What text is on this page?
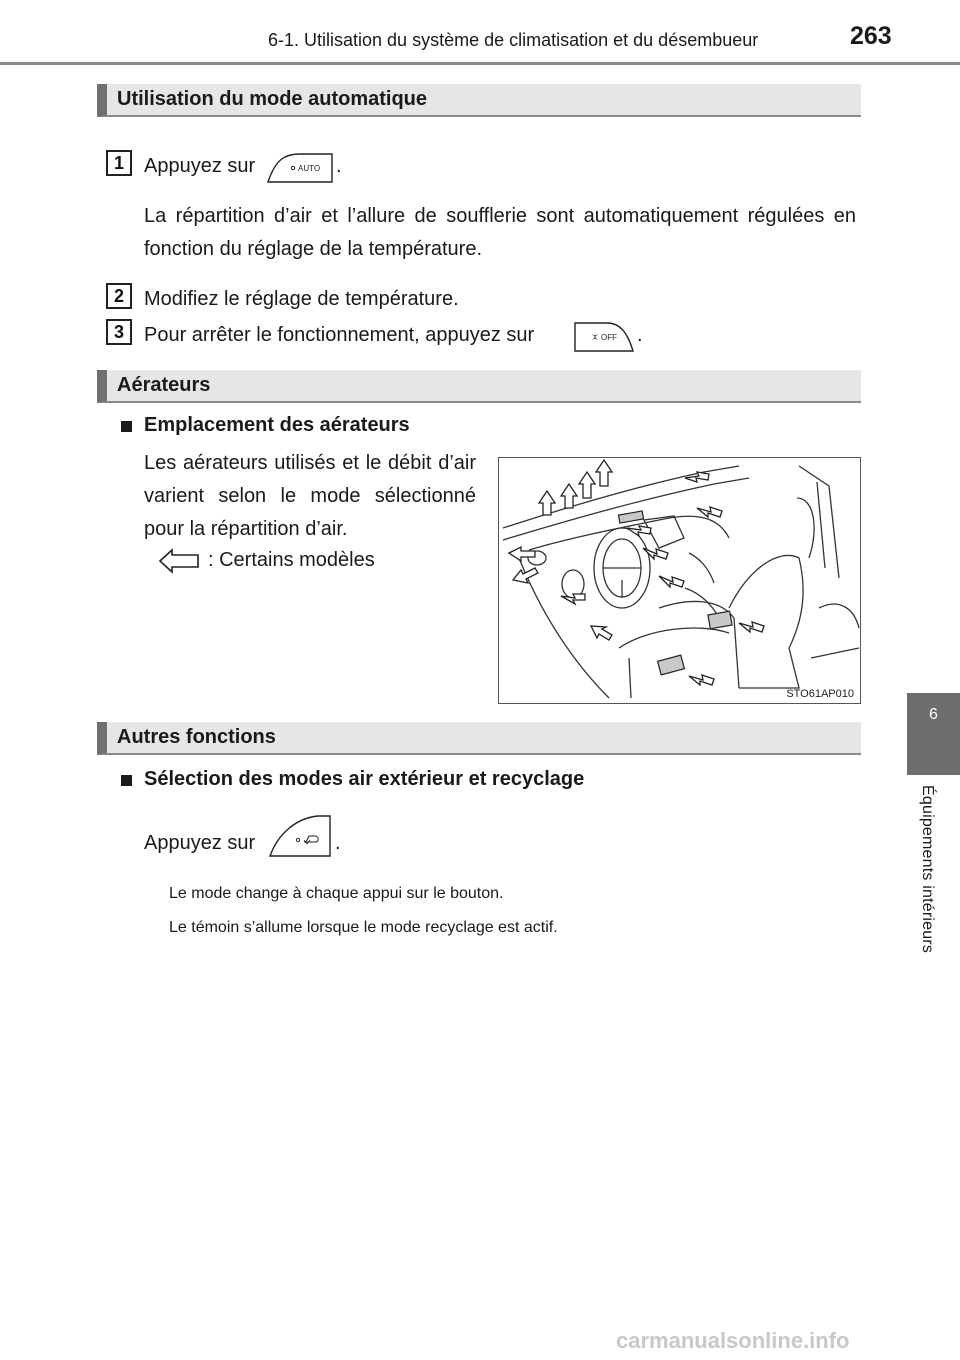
6-1. Utilisation du système de climatisation et du désembueur	263
6
Équipements intérieurs
Utilisation du mode automatique
1	Appuyez sur	AUTO .
La répartition d’air et l’allure de soufflerie sont automatiquement régulées en fonction du réglage de la température.
2	Modifiez le réglage de température.
3	Pour arrêter le fonctionnement, appuyez sur	OFF .
Aérateurs
Emplacement des aérateurs
Les aérateurs utilisés et le débit d’air varient selon le mode sélectionné pour la répartition d’air.
: Certains modèles
STO61AP010
Autres fonctions
Sélection des modes air extérieur et recyclage
Appuyez sur	.
Le mode change à chaque appui sur le bouton.
Le témoin s’allume lorsque le mode recyclage est actif.
carmanualsonline.info
